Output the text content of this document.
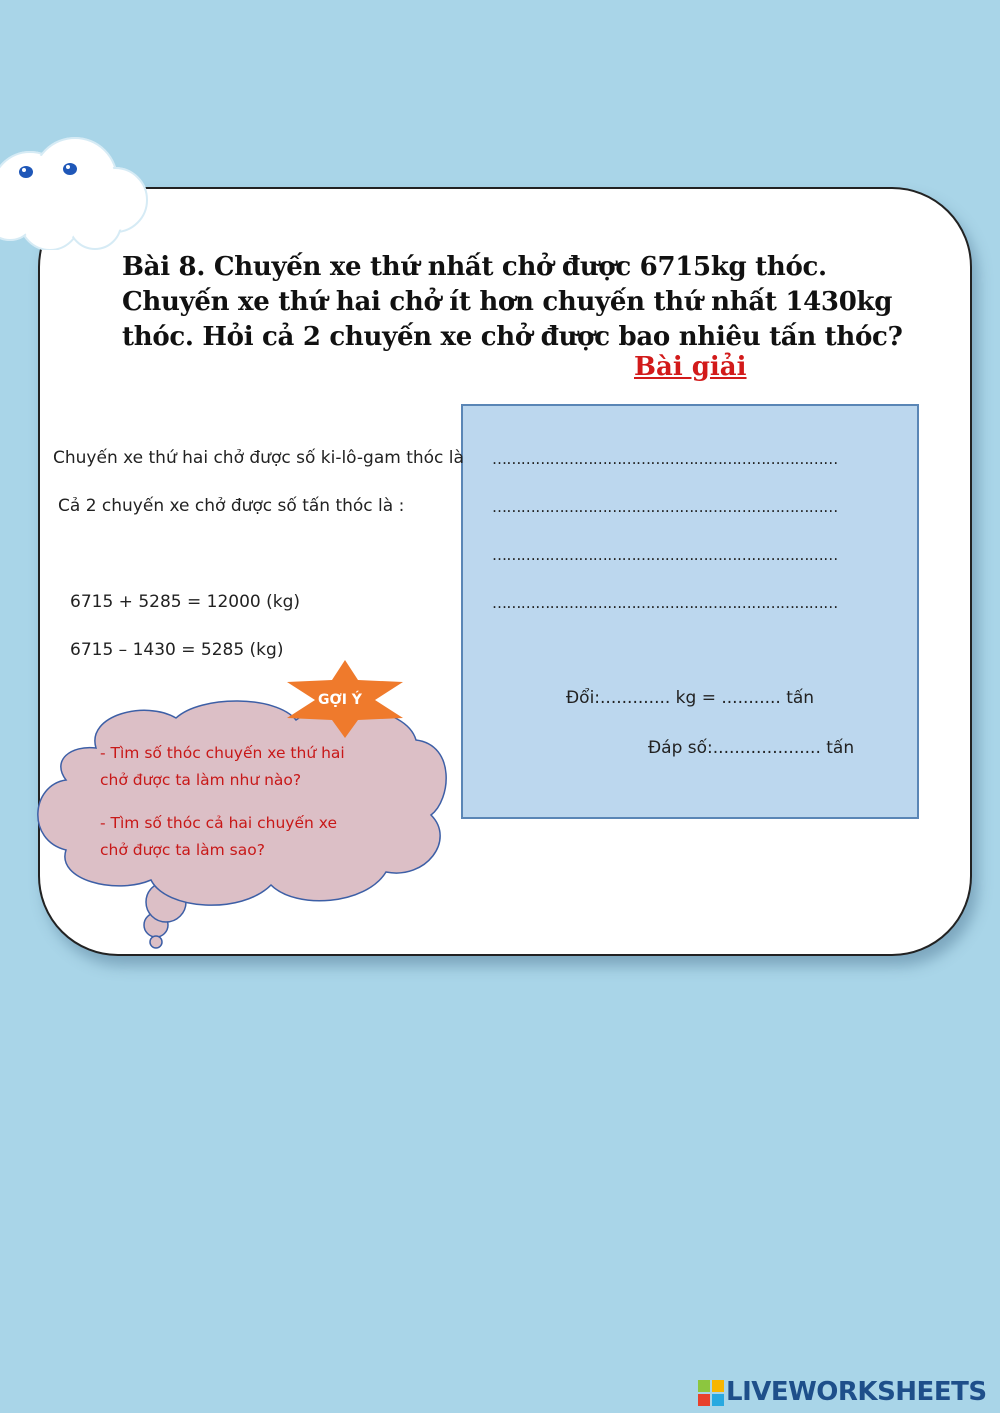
Bài 8. Chuyến xe thứ nhất chở được 6715kg thóc. Chuyến xe thứ hai chở ít hơn chuyến thứ nhất 1430kg thóc. Hỏi cả 2 chuyến xe chở được bao nhiêu tấn thóc?
Bài giải
………………………………………………………………
………………………………………………………………
………………………………………………………………
………………………………………………………………
Đổi:............. kg = ........... tấn
Đáp số:.................... tấn
Chuyến xe thứ hai chở được số ki-lô-gam thóc là
Cả 2 chuyến xe chở được số tấn thóc là :
6715 + 5285 = 12000 (kg)
6715 – 1430 = 5285 (kg)
GỢI Ý
- Tìm số thóc chuyến xe thứ hai
chở được ta làm như nào?
- Tìm số thóc cả hai chuyến xe
chở được ta làm sao?
LIVEWORKSHEETS
